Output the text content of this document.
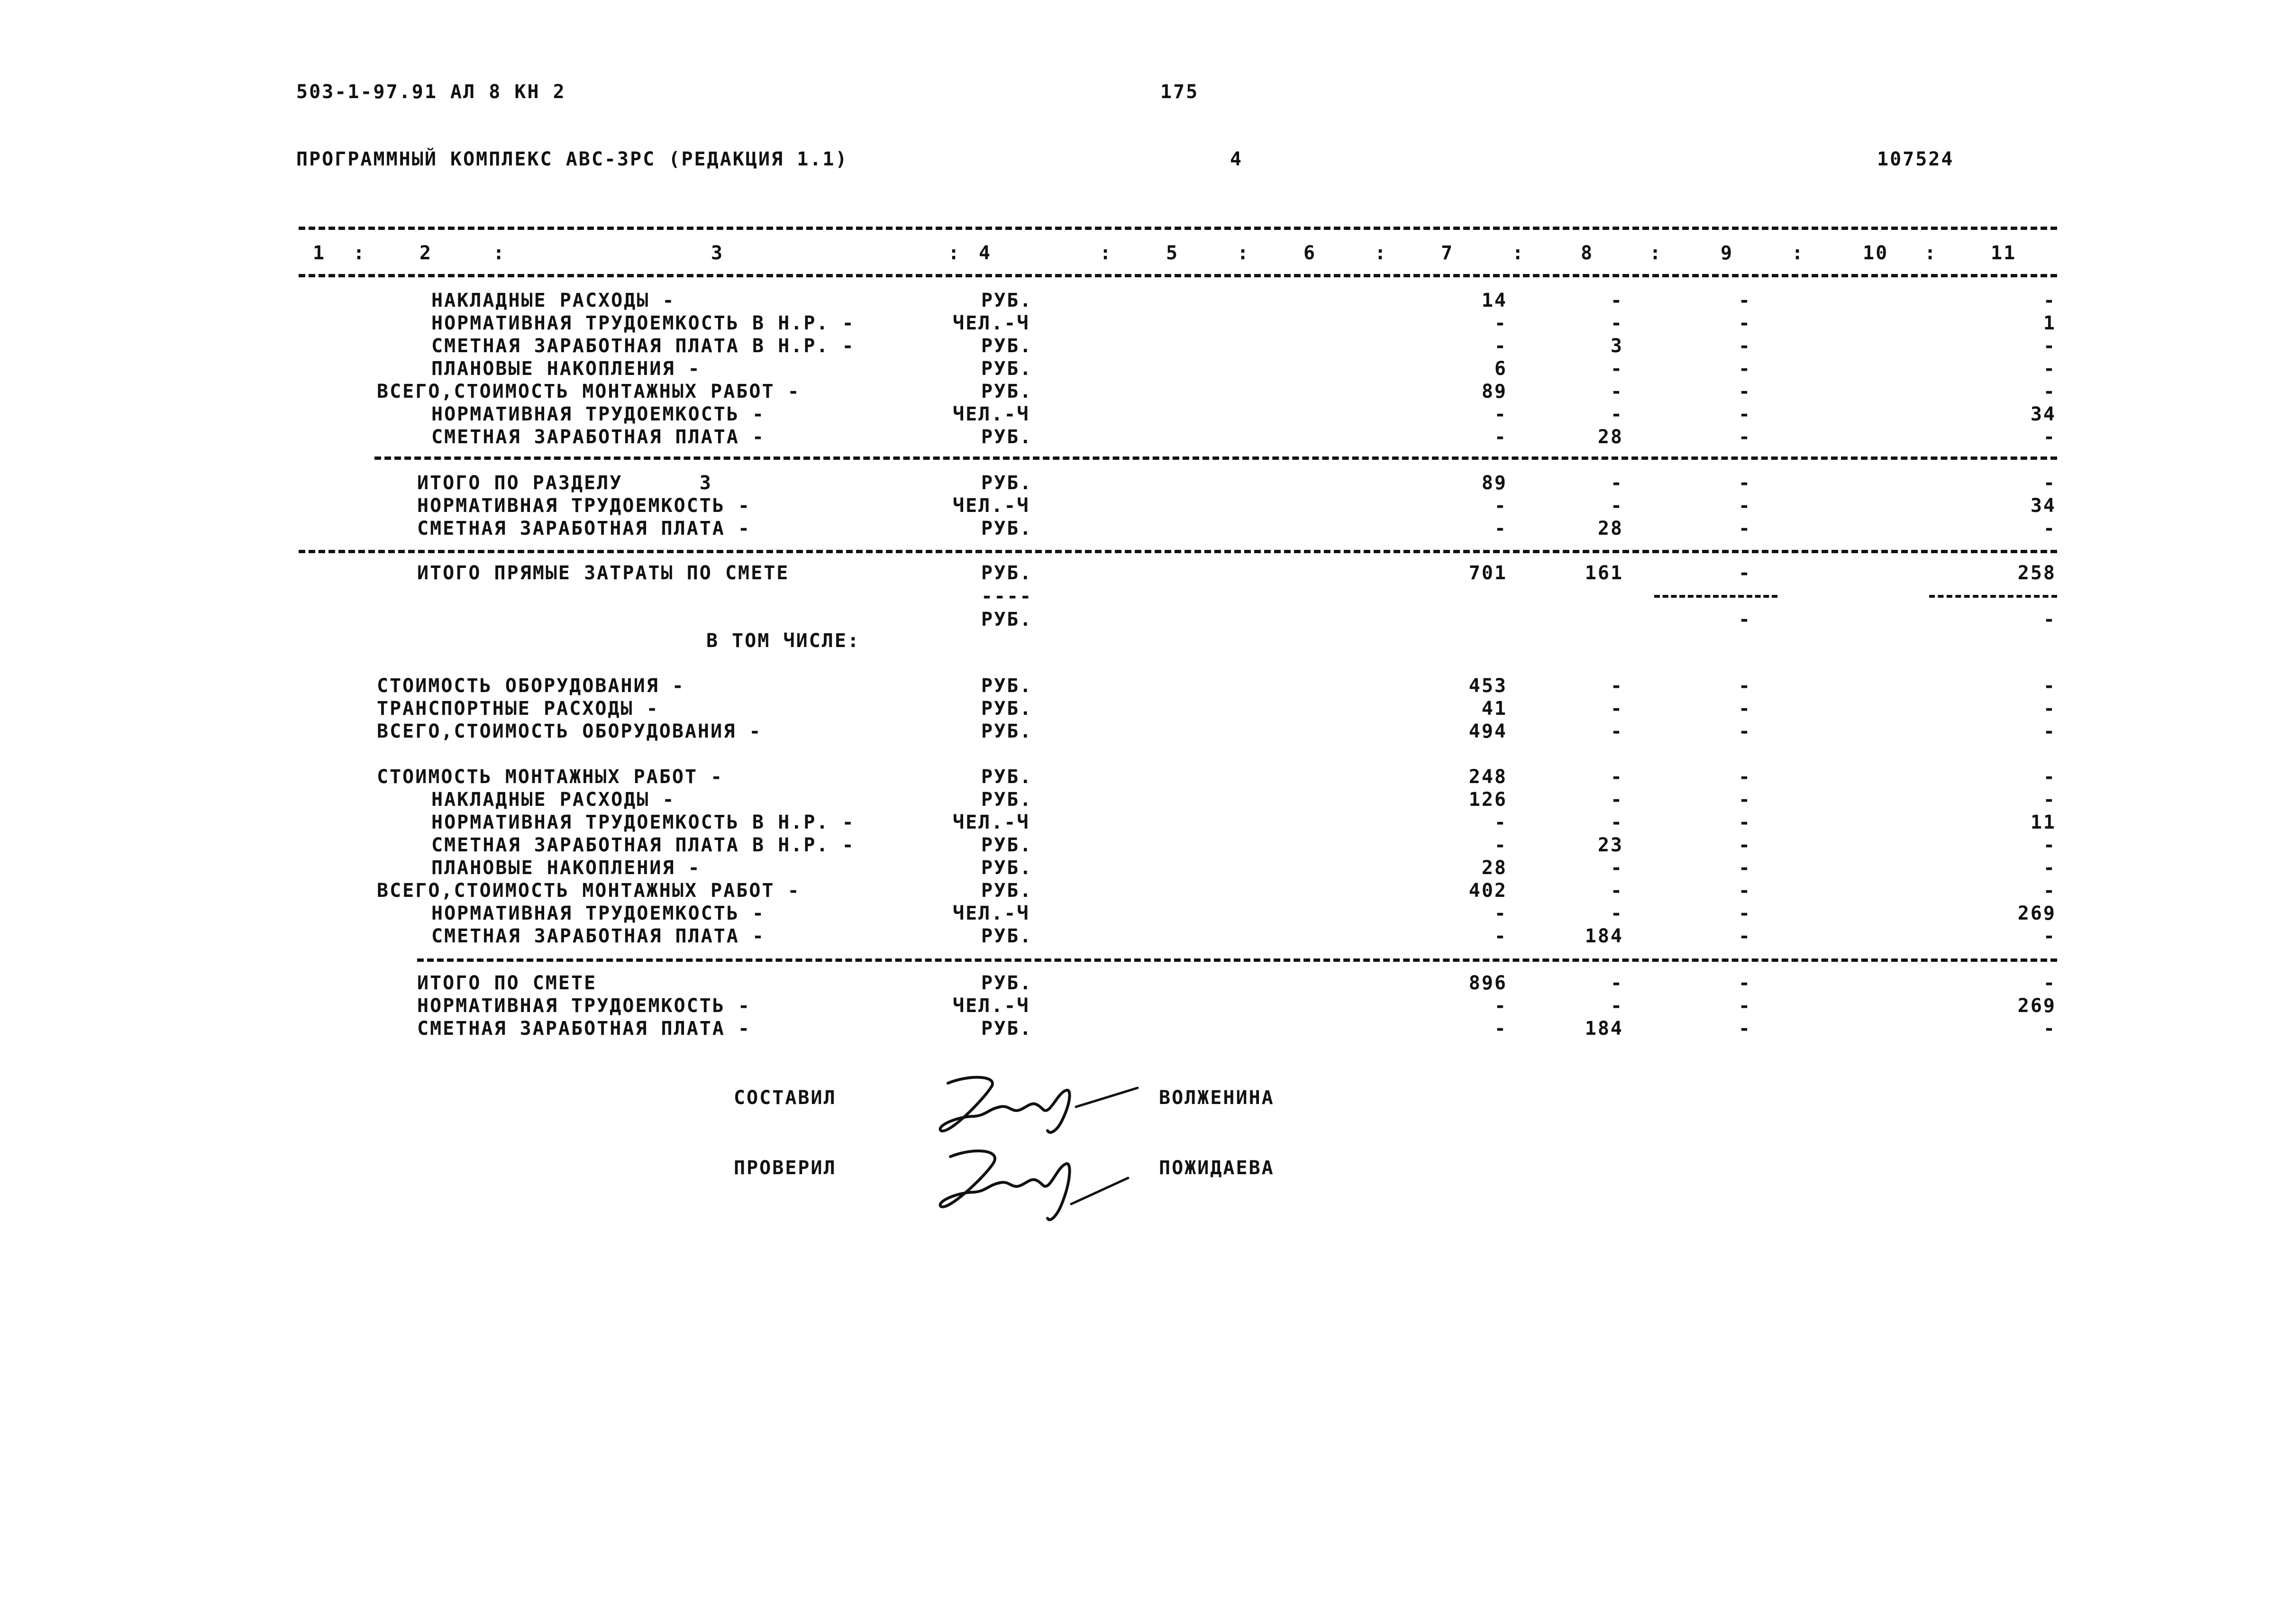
503-1-97.91 АЛ 8 КН 2	175
ПРОГРАММНЫЙ КОМПЛЕКС АВС-3РС (РЕДАКЦИЯ 1.1)	4	107524
1	2	3	4	5	6	7	8	9	10	11
:	:	:	:	:	:	:	:	:	:
НАКЛАДНЫЕ РАСХОДЫ -	РУБ.	14	-	-	-
НОРМАТИВНАЯ ТРУДОЕМКОСТЬ В Н.Р. -	ЧЕЛ.-Ч	-	-	-	1
СМЕТНАЯ ЗАРАБОТНАЯ ПЛАТА В Н.Р. -	РУБ.	-	3	-	-
ПЛАНОВЫЕ НАКОПЛЕНИЯ -	РУБ.	6	-	-	-
ВСЕГО,СТОИМОСТЬ МОНТАЖНЫХ РАБОТ -	РУБ.	89	-	-	-
НОРМАТИВНАЯ ТРУДОЕМКОСТЬ -	ЧЕЛ.-Ч	-	-	-	34
СМЕТНАЯ ЗАРАБОТНАЯ ПЛАТА -	РУБ.	-	28	-	-
ИТОГО ПО РАЗДЕЛУ      3	РУБ.	89	-	-	-
НОРМАТИВНАЯ ТРУДОЕМКОСТЬ -	ЧЕЛ.-Ч	-	-	-	34
СМЕТНАЯ ЗАРАБОТНАЯ ПЛАТА -	РУБ.	-	28	-	-
ИТОГО ПРЯМЫЕ ЗАТРАТЫ ПО СМЕТЕ	РУБ.	701	161	-	258
РУБ.	-	-
СТОИМОСТЬ ОБОРУДОВАНИЯ -	РУБ.	453	-	-	-
ТРАНСПОРТНЫЕ РАСХОДЫ -	РУБ.	41	-	-	-
ВСЕГО,СТОИМОСТЬ ОБОРУДОВАНИЯ -	РУБ.	494	-	-	-
СТОИМОСТЬ МОНТАЖНЫХ РАБОТ -	РУБ.	248	-	-	-
НАКЛАДНЫЕ РАСХОДЫ -	РУБ.	126	-	-	-
НОРМАТИВНАЯ ТРУДОЕМКОСТЬ В Н.Р. -	ЧЕЛ.-Ч	-	-	-	11
СМЕТНАЯ ЗАРАБОТНАЯ ПЛАТА В Н.Р. -	РУБ.	-	23	-	-
ПЛАНОВЫЕ НАКОПЛЕНИЯ -	РУБ.	28	-	-	-
ВСЕГО,СТОИМОСТЬ МОНТАЖНЫХ РАБОТ -	РУБ.	402	-	-	-
НОРМАТИВНАЯ ТРУДОЕМКОСТЬ -	ЧЕЛ.-Ч	-	-	-	269
СМЕТНАЯ ЗАРАБОТНАЯ ПЛАТА -	РУБ.	-	184	-	-
ИТОГО ПО СМЕТЕ	РУБ.	896	-	-	-
НОРМАТИВНАЯ ТРУДОЕМКОСТЬ -	ЧЕЛ.-Ч	-	-	-	269
СМЕТНАЯ ЗАРАБОТНАЯ ПЛАТА -	РУБ.	-	184	-	-
----
В ТОМ ЧИСЛЕ:
СОСТАВИЛ	ВОЛЖЕНИНА
ПРОВЕРИЛ	ПОЖИДАЕВА
